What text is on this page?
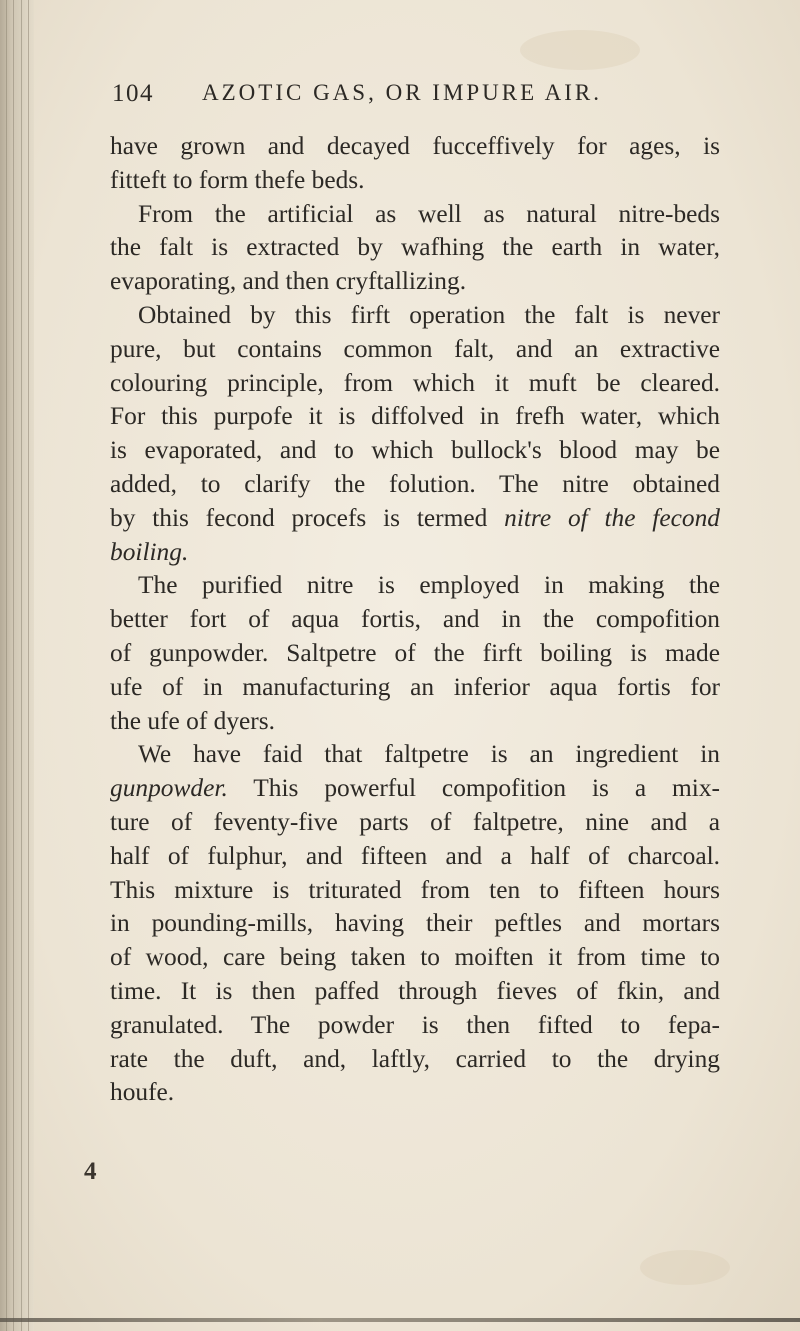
104 AZOTIC GAS, OR IMPURE AIR.
have grown and decayed fucceffively for ages, is
fitteft to form thefe beds.
From the artificial as well as natural nitre-beds
the falt is extracted by wafhing the earth in water,
evaporating, and then cryftallizing.
Obtained by this firft operation the falt is never
pure, but contains common falt, and an extractive
colouring principle, from which it muft be cleared.
For this purpofe it is diffolved in frefh water, which
is evaporated, and to which bullock's blood may be
added, to clarify the folution. The nitre obtained
by this fecond procefs is termed nitre of the fecond
boiling.
The purified nitre is employed in making the
better fort of aqua fortis, and in the compofition
of gunpowder. Saltpetre of the firft boiling is made
ufe of in manufacturing an inferior aqua fortis for
the ufe of dyers.
We have faid that faltpetre is an ingredient in
gunpowder. This powerful compofition is a mix-
ture of feventy-five parts of faltpetre, nine and a
half of fulphur, and fifteen and a half of charcoal.
This mixture is triturated from ten to fifteen hours
in pounding-mills, having their peftles and mortars
of wood, care being taken to moiften it from time to
time. It is then paffed through fieves of fkin, and
granulated. The powder is then fifted to fepa-
rate the duft, and, laftly, carried to the drying
houfe.
4
